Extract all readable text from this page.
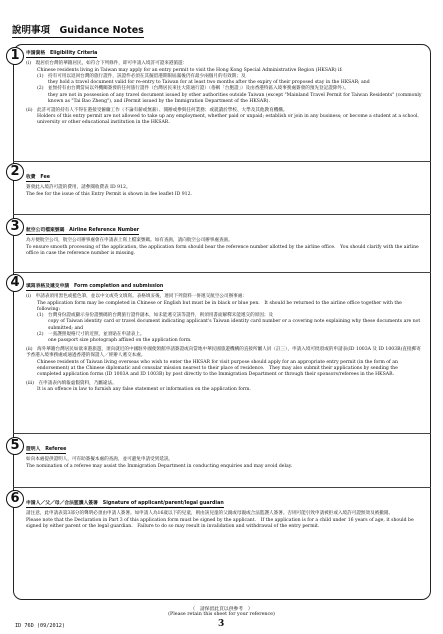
說明事項　Guidance Notes
1
2
3
4
5
6
申請資格　Eligibility Criteria

(i)　現居於台灣的華籍居民，如符合下列條件，即可申請入境許可證來港旅遊：

Chinese residents living in Taiwan may apply for an entry permit to visit the Hong Kong Special Administrative Region (HKSAR) if:

(1) 持有可用以返回台灣的旅行證件，該證件必須在其擬留港期限屆滿後仍有最少兩個月的有效期；及

they hold a travel document valid for re-entry to Taiwan for at least two months after the expiry of their proposed stay in the HKSAR; and

(2) 並無持有由台灣當局以外機關簽發的任何旅行證件（台灣居民來往大陸通行證）（俗稱「台胞證」）及由香港特區入境事務處簽發的預先登記證除外）。

they are not in possession of any travel document issued by other authorities outside Taiwan (except "Mainland Travel Permit for Taiwan Residents" (commonly known as "Tai Bao Zheng"), and iPermit issued by the Immigration Department of the HKSAR).

(ii)　此許可證的持有人不得在港接受僱傭工作（不論有薪或無薪）、開辦或參與任何業務；或就讀於學校、大學及其他教育機構。

Holders of this entry permit are not allowed to take up any employment, whether paid or unpaid; establish or join in any business; or become a student at a school, university or other educational institution in the HKSAR.

收費　Fee

簽發此入境許可證的費用，請參閱收費表 ID 912。

The fee for the issue of this Entry Permit is shown in fee leaflet ID 912.

航空公司檔案號碼　Airline Reference Number

為方便航空公司，航空公司辦事處會在申請表上寫上檔案號碼。如有查詢，請向航空公司辦事處查詢。

To ensure smooth processing of the application, the application form should bear the reference number allotted by the airline office.　You should clarify with the airline office in case the reference number is missing.

填寫表格及遞交申請　Form completion and submission

(i)　申請表須用黑色或藍色筆，並以中文或英文填寫。表格填妥後，連同下列資料一併遞交航空公司辦事處：

The application form may be completed in Chinese or English but must be in black or blue pen.　It should be returned to the airline office together with the following:

(1) 台灣身份證或顯示身份證號碼的台灣旅行證件副本，如未能遞交該等證件，則須用書面解釋未能遞交的原因；及

copy of Taiwan identity card or travel document indicating applicant's Taiwan identity card number or a covering note explaining why these documents are not submitted; and

(2) 一張護照規格尺寸的近照，並須貼在申請表上。

one passport size photograph affixed on the application form.

(ii)　海外華籍台灣居民如欲來港旅遊，須向就近的中國駐外國使領館申請簽證或向當地中華民國旅遊機構的直接所屬人員（註三），申請入境可批項或的申請表(ID 1003A 及 ID 1003B)直接郵寄予香港入境事務處或通過香港的保證人／經辦人遞交本處。

Chinese residents of Taiwan living overseas who wish to enter the HKSAR for visit purpose should apply for an appropriate entry permit (in the form of an endorsement) at the Chinese diplomatic and consular mission nearest to their place of residence.　They may also submit their applications by sending the completed application forms (ID 1003A and ID 1003B) by post directly to the Immigration Department or through their sponsors/referees in the HKSAR.

(iii)　在申請表內填報虛假資料，乃屬違法。

It is an offence in law to furnish any false statement or information on the application form.

證明人　Referee

如向本處提供證明人，可有助簽擬本處的查詢，並可避免申請受到延誤。

The nomination of a referee may assist the Immigration Department in conducting enquiries and may avoid delay.

申請人／父／母／合法監護人簽署　Signature of applicant/parent/legal guardian

請注意，此申請表第3部分的聲明必須由申請人簽署。如申請人為16歲以下的兒童，則由該兒童的父親或母親或合法監護人簽署。否則可能引致申請被拒或入境許可證無效及被撤銷。

Please note that the Declaration in Part 3 of this application form must be signed by the applicant.　If the application is for a child under 16 years of age, it should be signed by either parent or the legal guardian.　Failure to do so may result in invalidation and withdrawal of the entry permit.

（　請保留此頁以供參考　）
(Please retain this sheet for your reference)
ID 76D (09/2012)	3
